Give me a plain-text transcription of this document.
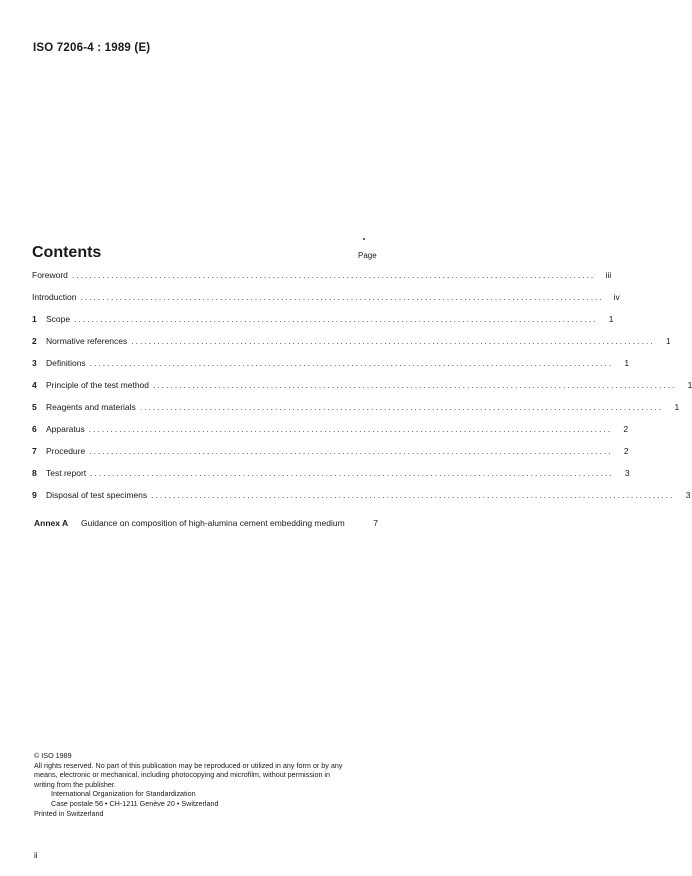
ISO 7206-4 : 1989 (E)
Contents	Page
Foreword ........................................................................................................................	iii
Introduction ........................................................................................................................	iv
1	Scope ........................................................................................................................	1
2	Normative references ........................................................................................................................	1
3	Definitions ........................................................................................................................	1
4	Principle of the test method ........................................................................................................................	1
5	Reagents and materials ........................................................................................................................	1
6	Apparatus ........................................................................................................................	2
7	Procedure ........................................................................................................................	2
8	Test report ........................................................................................................................	3
9	Disposal of test specimens ........................................................................................................................	3
Annex A	Guidance on composition of high-alumina cement embedding medium	7
© ISO 1989
All rights reserved. No part of this publication may be reproduced or utilized in any form or by any
means, electronic or mechanical, including photocopying and microfilm, without permission in
writing from the publisher.
International Organization for Standardization
Case postale 56 • CH-1211 Genève 20 • Switzerland
Printed in Switzerland
ii
